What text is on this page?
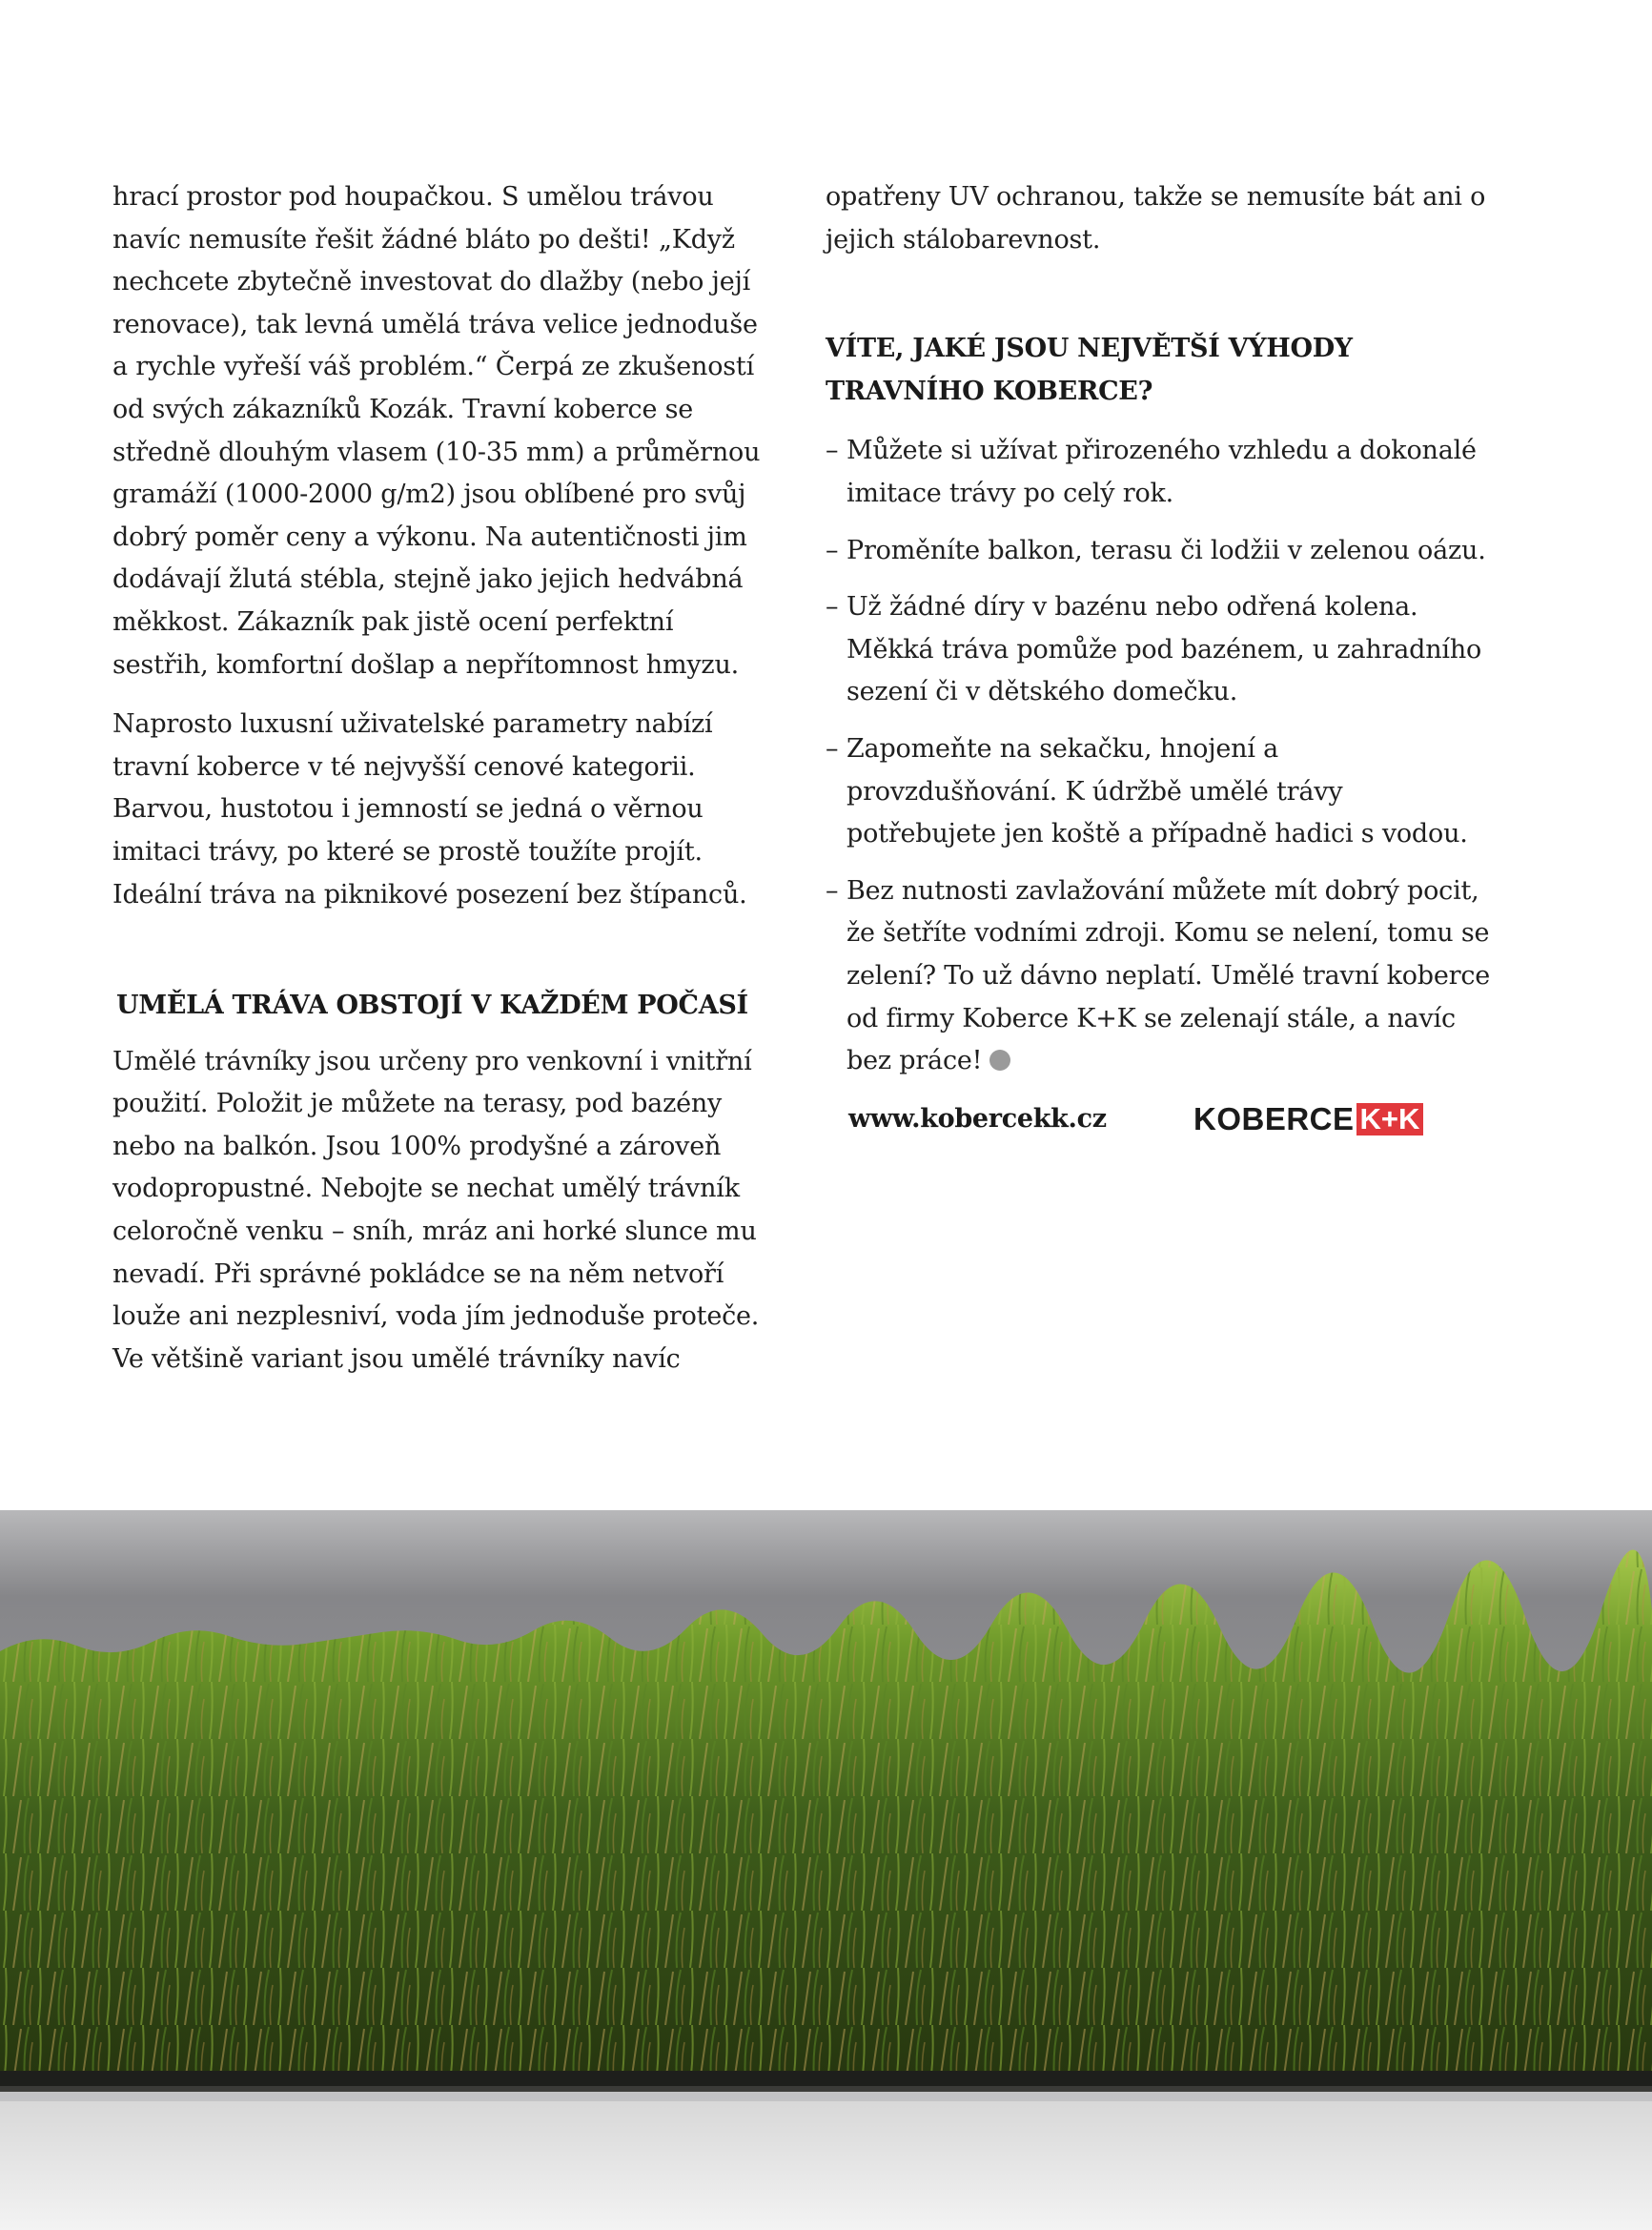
hrací prostor pod houpačkou. S umělou trávou navíc nemusíte řešit žádné bláto po dešti! „Když nechcete zbytečně investovat do dlažby (nebo její renovace), tak levná umělá tráva velice jednoduše a rychle vyřeší váš problém.“ Čerpá ze zkušeností od svých zákazníků Kozák. Travní koberce se středně dlouhým vlasem (10-35 mm) a průměrnou gramáží (1000-2000 g/m2) jsou oblíbené pro svůj dobrý poměr ceny a výkonu. Na autentičnosti jim dodávají žlutá stébla, stejně jako jejich hedvábná měkkost. Zákazník pak jistě ocení perfektní sestřih, komfortní došlap a nepřítomnost hmyzu.

Naprosto luxusní uživatelské parametry nabízí travní koberce v té nejvyšší cenové kategorii. Barvou, hustotou i jemností se jedná o věrnou imitaci trávy, po které se prostě toužíte projít. Ideální tráva na piknikové posezení bez štípanců.

UMĚLÁ TRÁVA OBSTOJÍ V KAŽDÉM POČASÍ

Umělé trávníky jsou určeny pro venkovní i vnitřní použití. Položit je můžete na terasy, pod bazény nebo na balkón. Jsou 100% prodyšné a zároveň vodopropustné. Nebojte se nechat umělý trávník celoročně venku – sníh, mráz ani horké slunce mu nevadí. Při správné pokládce se na něm netvoří louže ani nezplesniví, voda jím jednoduše proteče. Ve většině variant jsou umělé trávníky navíc

opatřeny UV ochranou, takže se nemusíte bát ani o jejich stálobarevnost.

VÍTE, JAKÉ JSOU NEJVĚTŠÍ VÝHODY TRAVNÍHO KOBERCE?
– Můžete si užívat přirozeného vzhledu a dokonalé imitace trávy po celý rok.

– Proměníte balkon, terasu či lodžii v zelenou oázu.

– Už žádné díry v bazénu nebo odřená kolena. Měkká tráva pomůže pod bazénem, u zahradního sezení či v dětského domečku.

– Zapomeňte na sekačku, hnojení a provzdušňování. K údržbě umělé trávy potřebujete jen koště a případně hadici s vodou.

– Bez nutnosti zavlažování můžete mít dobrý pocit, že šetříte vodními zdroji. Komu se nelení, tomu se zelení? To už dávno neplatí. Umělé travní koberce od firmy Koberce K+K se zelenají stále, a navíc bez práce!

www.kobercekk.cz	KOBERCE K+K
